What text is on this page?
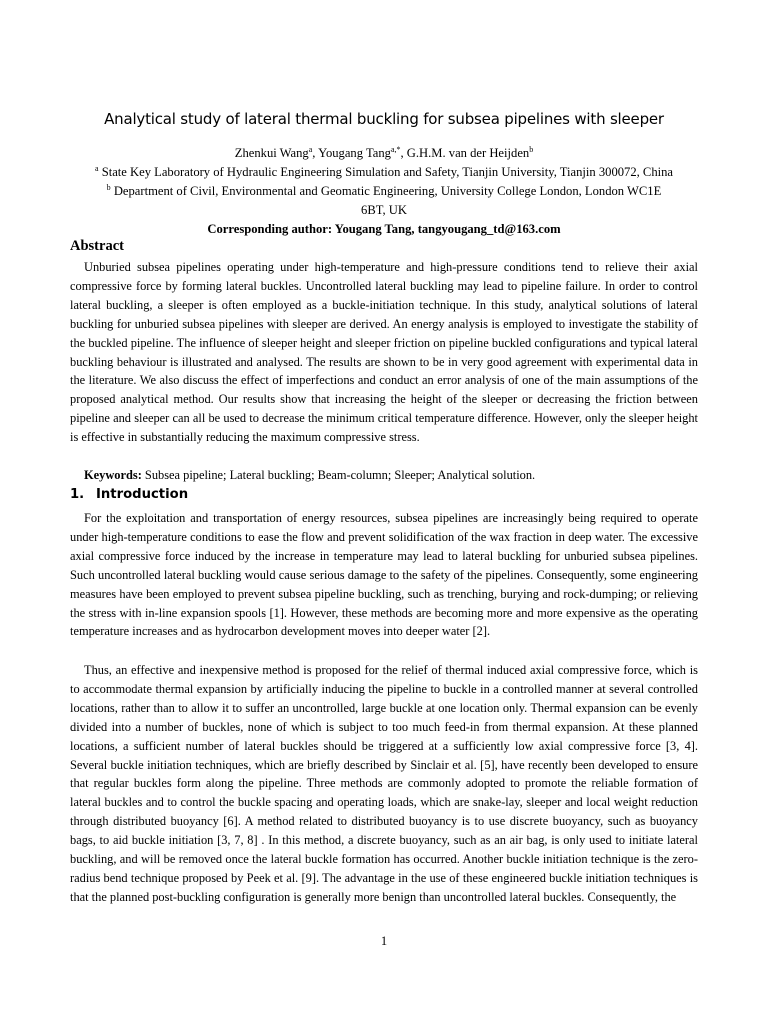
Analytical study of lateral thermal buckling for subsea pipelines with sleeper
Zhenkui Wang$^a$, Yougang Tang$^{a,*}$, G.H.M. van der Heijden$^b$
$^a$ State Key Laboratory of Hydraulic Engineering Simulation and Safety, Tianjin University, Tianjin 300072, China
$^b$ Department of Civil, Environmental and Geomatic Engineering, University College London, London WC1E
6BT, UK
Corresponding author: Yougang Tang, tangyougang_td@163.com
Abstract
Unburied subsea pipelines operating under high-temperature and high-pressure conditions tend to relieve their axial compressive force by forming lateral buckles. Uncontrolled lateral buckling may lead to pipeline failure. In order to control lateral buckling, a sleeper is often employed as a buckle-initiation technique. In this study, analytical solutions of lateral buckling for unburied subsea pipelines with sleeper are derived. An energy analysis is employed to investigate the stability of the buckled pipeline. The influence of sleeper height and sleeper friction on pipeline buckled configurations and typical lateral buckling behaviour is illustrated and analysed. The results are shown to be in very good agreement with experimental data in the literature. We also discuss the effect of imperfections and conduct an error analysis of one of the main assumptions of the proposed analytical method. Our results show that increasing the height of the sleeper or decreasing the friction between pipeline and sleeper can all be used to decrease the minimum critical temperature difference. However, only the sleeper height is effective in substantially reducing the maximum compressive stress.
Keywords: Subsea pipeline; Lateral buckling; Beam-column; Sleeper; Analytical solution.
1. Introduction
For the exploitation and transportation of energy resources, subsea pipelines are increasingly being required to operate under high-temperature conditions to ease the flow and prevent solidification of the wax fraction in deep water. The excessive axial compressive force induced by the increase in temperature may lead to lateral buckling for unburied subsea pipelines. Such uncontrolled lateral buckling would cause serious damage to the safety of the pipelines. Consequently, some engineering measures have been employed to prevent subsea pipeline buckling, such as trenching, burying and rock-dumping; or relieving the stress with in-line expansion spools [1]. However, these methods are becoming more and more expensive as the operating temperature increases and as hydrocarbon development moves into deeper water [2].
Thus, an effective and inexpensive method is proposed for the relief of thermal induced axial compressive force, which is to accommodate thermal expansion by artificially inducing the pipeline to buckle in a controlled manner at several controlled locations, rather than to allow it to suffer an uncontrolled, large buckle at one location only. Thermal expansion can be evenly divided into a number of buckles, none of which is subject to too much feed-in from thermal expansion. At these planned locations, a sufficient number of lateral buckles should be triggered at a sufficiently low axial compressive force [3, 4]. Several buckle initiation techniques, which are briefly described by Sinclair et al. [5], have recently been developed to ensure that regular buckles form along the pipeline. Three methods are commonly adopted to promote the reliable formation of lateral buckles and to control the buckle spacing and operating loads, which are snake-lay, sleeper and local weight reduction through distributed buoyancy [6]. A method related to distributed buoyancy is to use discrete buoyancy, such as buoyancy bags, to aid buckle initiation [3, 7, 8] . In this method, a discrete buoyancy, such as an air bag, is only used to initiate lateral buckling, and will be removed once the lateral buckle formation has occurred. Another buckle initiation technique is the zero-radius bend technique proposed by Peek et al. [9]. The advantage in the use of these engineered buckle initiation techniques is that the planned post-buckling configuration is generally more benign than uncontrolled lateral buckles. Consequently, the
1
